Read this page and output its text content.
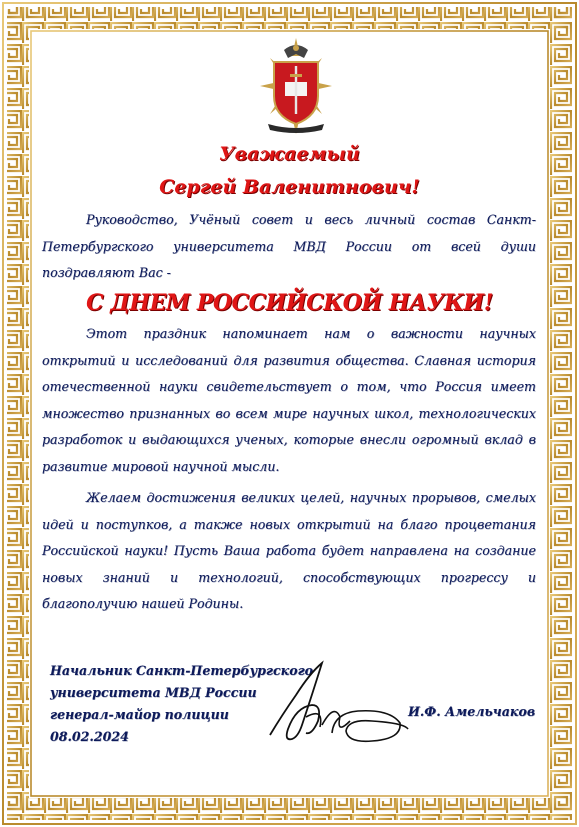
Уважаемый
Сергей Валенитнович!

Руководство, Учёный совет и весь личный состав Санкт-Петербургского университета МВД России от всей души поздравляют Вас -

С ДНЕМ РОССИЙСКОЙ НАУКИ!

Этот праздник напоминает нам о важности научных открытий и исследований для развития общества. Славная история отечественной науки свидетельствует о том, что Россия имеет множество признанных во всем мире научных школ, технологических разработок и выдающихся ученых, которые внесли огромный вклад в развитие мировой научной мысли.

Желаем достижения великих целей, научных прорывов, смелых идей и поступков, а также новых открытий на благо процветания Российской науки! Пусть Ваша работа будет направлена на создание новых знаний и технологий, способствующих прогрессу и благополучию нашей Родины.

Начальник Санкт-Петербургского
университета МВД России
генерал-майор полиции
08.02.2024
И.Ф. Амельчаков
